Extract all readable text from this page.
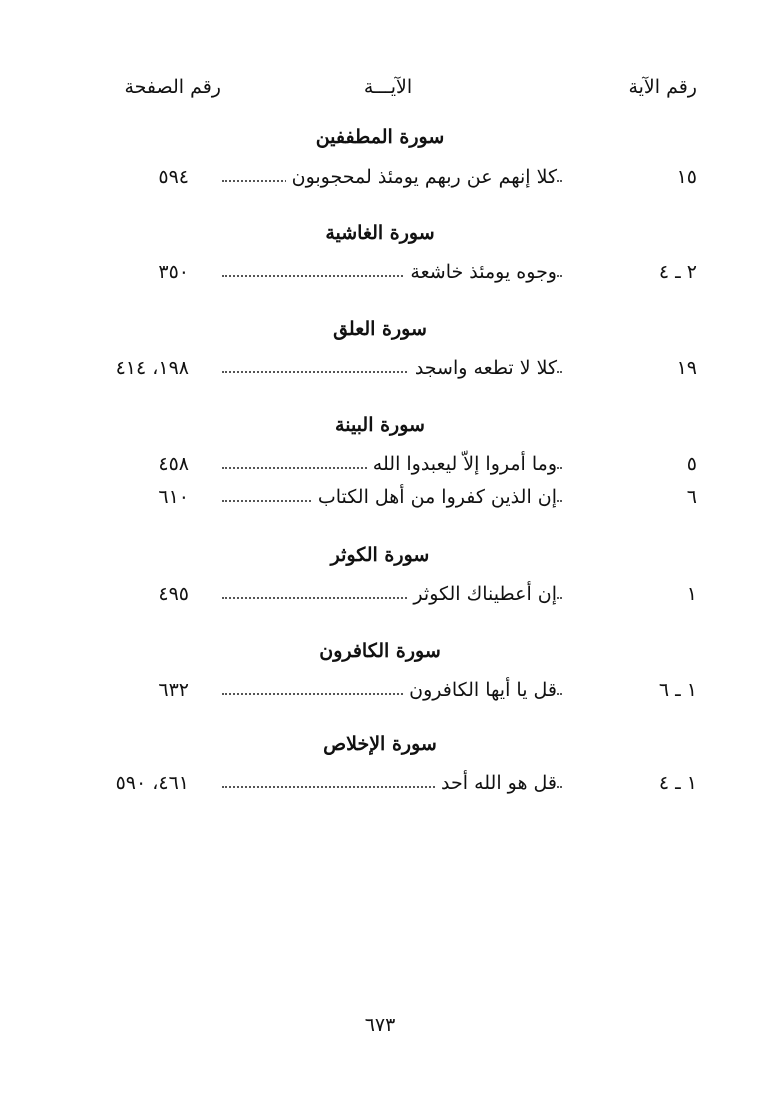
رقم الآية
الآيـــة
رقم الصفحة
سورة المطففين
١٥
كلا إنهم عن ربهم يومئذ لمحجوبون
٥٩٤
سورة الغاشية
٢ ـ ٤
وجوه يومئذ خاشعة
٣٥٠
سورة العلق
١٩
كلا لا تطعه واسجد
١٩٨، ٤١٤
سورة البينة
٥
وما أمروا إلاّ ليعبدوا الله
٤٥٨
٦
إن الذين كفروا من أهل الكتاب
٦١٠
سورة الكوثر
١
إن أعطيناك الكوثر
٤٩٥
سورة الكافرون
١ ـ ٦
قل يا أيها الكافرون
٦٣٢
سورة الإخلاص
١ ـ ٤
قل هو الله أحد
٤٦١، ٥٩٠
٦٧٣
